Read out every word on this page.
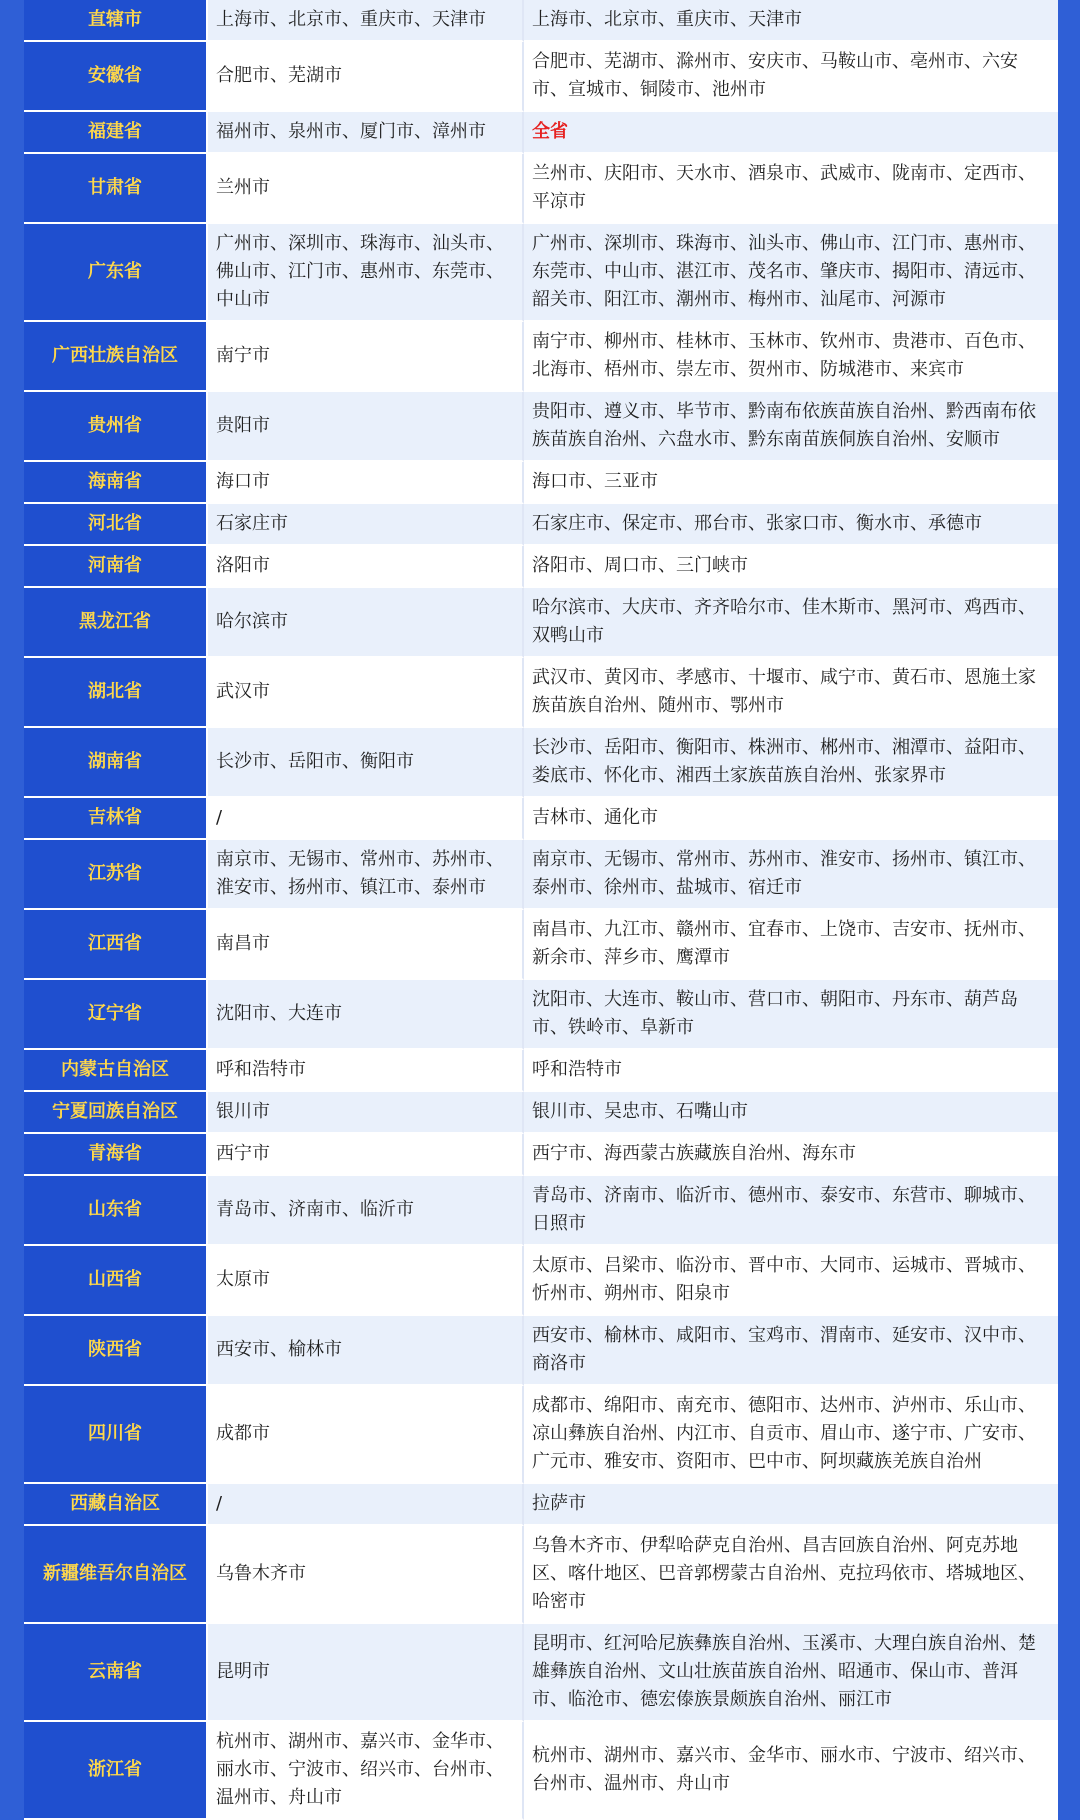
直辖市	上海市、北京市、重庆市、天津市	上海市、北京市、重庆市、天津市
安徽省	合肥市、芜湖市	合肥市、芜湖市、滁州市、安庆市、马鞍山市、亳州市、六安市、宣城市、铜陵市、池州市
福建省	福州市、泉州市、厦门市、漳州市	全省
甘肃省	兰州市	兰州市、庆阳市、天水市、酒泉市、武威市、陇南市、定西市、平凉市
广东省	广州市、深圳市、珠海市、汕头市、佛山市、江门市、惠州市、东莞市、中山市	广州市、深圳市、珠海市、汕头市、佛山市、江门市、惠州市、东莞市、中山市、湛江市、茂名市、肇庆市、揭阳市、清远市、韶关市、阳江市、潮州市、梅州市、汕尾市、河源市
广西壮族自治区	南宁市	南宁市、柳州市、桂林市、玉林市、钦州市、贵港市、百色市、北海市、梧州市、崇左市、贺州市、防城港市、来宾市
贵州省	贵阳市	贵阳市、遵义市、毕节市、黔南布依族苗族自治州、黔西南布依族苗族自治州、六盘水市、黔东南苗族侗族自治州、安顺市
海南省	海口市	海口市、三亚市
河北省	石家庄市	石家庄市、保定市、邢台市、张家口市、衡水市、承德市
河南省	洛阳市	洛阳市、周口市、三门峡市
黑龙江省	哈尔滨市	哈尔滨市、大庆市、齐齐哈尔市、佳木斯市、黑河市、鸡西市、双鸭山市
湖北省	武汉市	武汉市、黄冈市、孝感市、十堰市、咸宁市、黄石市、恩施土家族苗族自治州、随州市、鄂州市
湖南省	长沙市、岳阳市、衡阳市	长沙市、岳阳市、衡阳市、株洲市、郴州市、湘潭市、益阳市、娄底市、怀化市、湘西土家族苗族自治州、张家界市
吉林省	/	吉林市、通化市
江苏省	南京市、无锡市、常州市、苏州市、淮安市、扬州市、镇江市、泰州市	南京市、无锡市、常州市、苏州市、淮安市、扬州市、镇江市、泰州市、徐州市、盐城市、宿迁市
江西省	南昌市	南昌市、九江市、赣州市、宜春市、上饶市、吉安市、抚州市、新余市、萍乡市、鹰潭市
辽宁省	沈阳市、大连市	沈阳市、大连市、鞍山市、营口市、朝阳市、丹东市、葫芦岛市、铁岭市、阜新市
内蒙古自治区	呼和浩特市	呼和浩特市
宁夏回族自治区	银川市	银川市、吴忠市、石嘴山市
青海省	西宁市	西宁市、海西蒙古族藏族自治州、海东市
山东省	青岛市、济南市、临沂市	青岛市、济南市、临沂市、德州市、泰安市、东营市、聊城市、日照市
山西省	太原市	太原市、吕梁市、临汾市、晋中市、大同市、运城市、晋城市、忻州市、朔州市、阳泉市
陕西省	西安市、榆林市	西安市、榆林市、咸阳市、宝鸡市、渭南市、延安市、汉中市、商洛市
四川省	成都市	成都市、绵阳市、南充市、德阳市、达州市、泸州市、乐山市、凉山彝族自治州、内江市、自贡市、眉山市、遂宁市、广安市、广元市、雅安市、资阳市、巴中市、阿坝藏族羌族自治州
西藏自治区	/	拉萨市
新疆维吾尔自治区	乌鲁木齐市	乌鲁木齐市、伊犁哈萨克自治州、昌吉回族自治州、阿克苏地区、喀什地区、巴音郭楞蒙古自治州、克拉玛依市、塔城地区、哈密市
云南省	昆明市	昆明市、红河哈尼族彝族自治州、玉溪市、大理白族自治州、楚雄彝族自治州、文山壮族苗族自治州、昭通市、保山市、普洱市、临沧市、德宏傣族景颇族自治州、丽江市
浙江省	杭州市、湖州市、嘉兴市、金华市、丽水市、宁波市、绍兴市、台州市、温州市、舟山市	杭州市、湖州市、嘉兴市、金华市、丽水市、宁波市、绍兴市、台州市、温州市、舟山市
